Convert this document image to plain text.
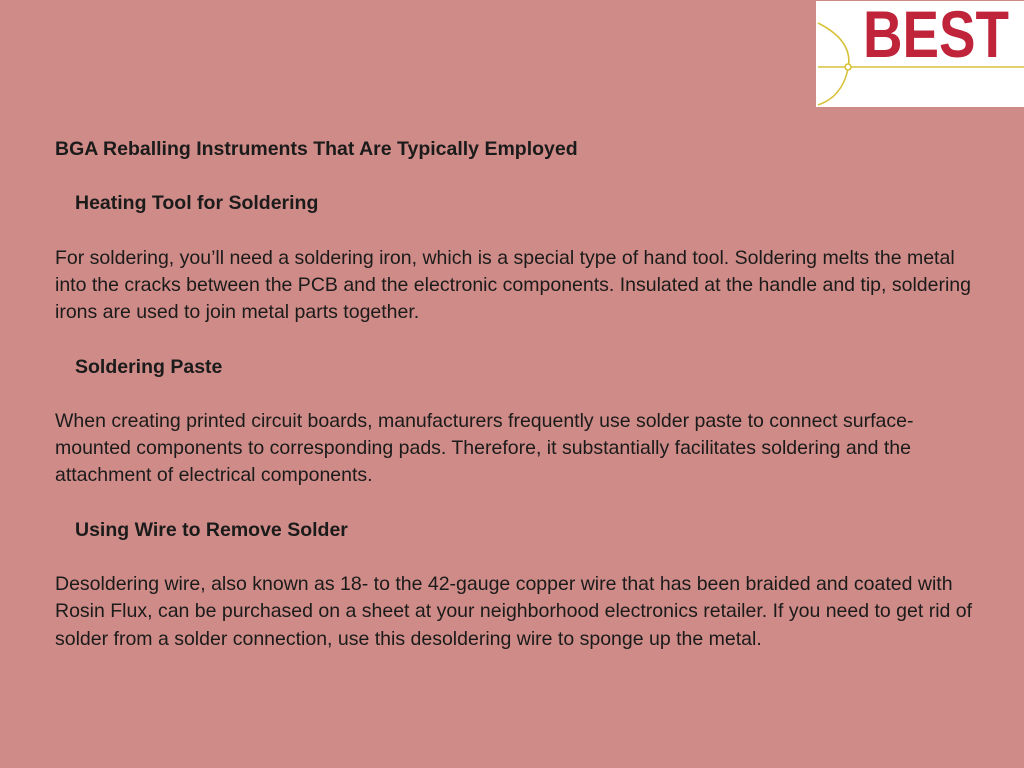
BEST

BGA Reballing Instruments That Are Typically Employed

Heating Tool for Soldering

For soldering, you’ll need a soldering iron, which is a special type of hand tool. Soldering melts the metal into the cracks between the PCB and the electronic components. Insulated at the handle and tip, soldering irons are used to join metal parts together.

Soldering Paste

When creating printed circuit boards, manufacturers frequently use solder paste to connect surface-mounted components to corresponding pads. Therefore, it substantially facilitates soldering and the attachment of electrical components.

Using Wire to Remove Solder

Desoldering wire, also known as 18- to the 42-gauge copper wire that has been braided and coated with Rosin Flux, can be purchased on a sheet at your neighborhood electronics retailer. If you need to get rid of solder from a solder connection, use this desoldering wire to sponge up the metal.
